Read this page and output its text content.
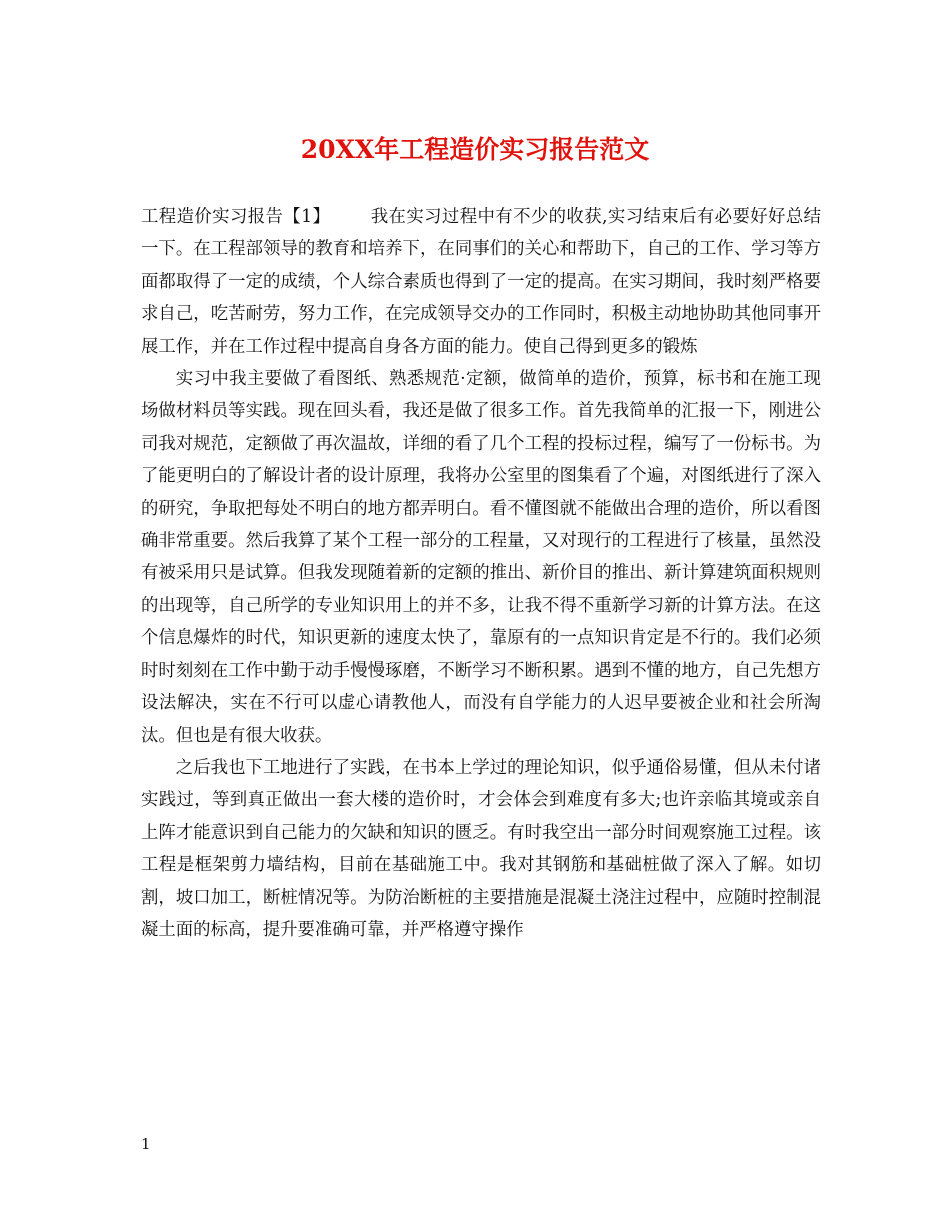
20XX年工程造价实习报告范文

工程造价实习报告【1】 我在实习过程中有不少的收获,实习结束后有必要好好总结一下。在工程部领导的教育和培养下，在同事们的关心和帮助下，自己的工作、学习等方面都取得了一定的成绩，个人综合素质也得到了一定的提高。在实习期间，我时刻严格要求自己，吃苦耐劳，努力工作，在完成领导交办的工作同时，积极主动地协助其他同事开展工作，并在工作过程中提高自身各方面的能力。使自己得到更多的锻炼

实习中我主要做了看图纸、熟悉规范·定额，做简单的造价，预算，标书和在施工现场做材料员等实践。现在回头看，我还是做了很多工作。首先我简单的汇报一下，刚进公司我对规范，定额做了再次温故，详细的看了几个工程的投标过程，编写了一份标书。为了能更明白的了解设计者的设计原理，我将办公室里的图集看了个遍，对图纸进行了深入的研究，争取把每处不明白的地方都弄明白。看不懂图就不能做出合理的造价，所以看图确非常重要。然后我算了某个工程一部分的工程量，又对现行的工程进行了核量，虽然没有被采用只是试算。但我发现随着新的定额的推出、新价目的推出、新计算建筑面积规则的出现等，自己所学的专业知识用上的并不多，让我不得不重新学习新的计算方法。在这个信息爆炸的时代，知识更新的速度太快了，靠原有的一点知识肯定是不行的。我们必须时时刻刻在工作中勤于动手慢慢琢磨，不断学习不断积累。遇到不懂的地方，自己先想方设法解决，实在不行可以虚心请教他人，而没有自学能力的人迟早要被企业和社会所淘汰。但也是有很大收获。

之后我也下工地进行了实践，在书本上学过的理论知识，似乎通俗易懂，但从未付诸实践过，等到真正做出一套大楼的造价时，才会体会到难度有多大;也许亲临其境或亲自上阵才能意识到自己能力的欠缺和知识的匮乏。有时我空出一部分时间观察施工过程。该工程是框架剪力墙结构，目前在基础施工中。我对其钢筋和基础桩做了深入了解。如切割，坡口加工，断桩情况等。为防治断桩的主要措施是混凝土浇注过程中，应随时控制混凝土面的标高，提升要准确可靠，并严格遵守操作

1
